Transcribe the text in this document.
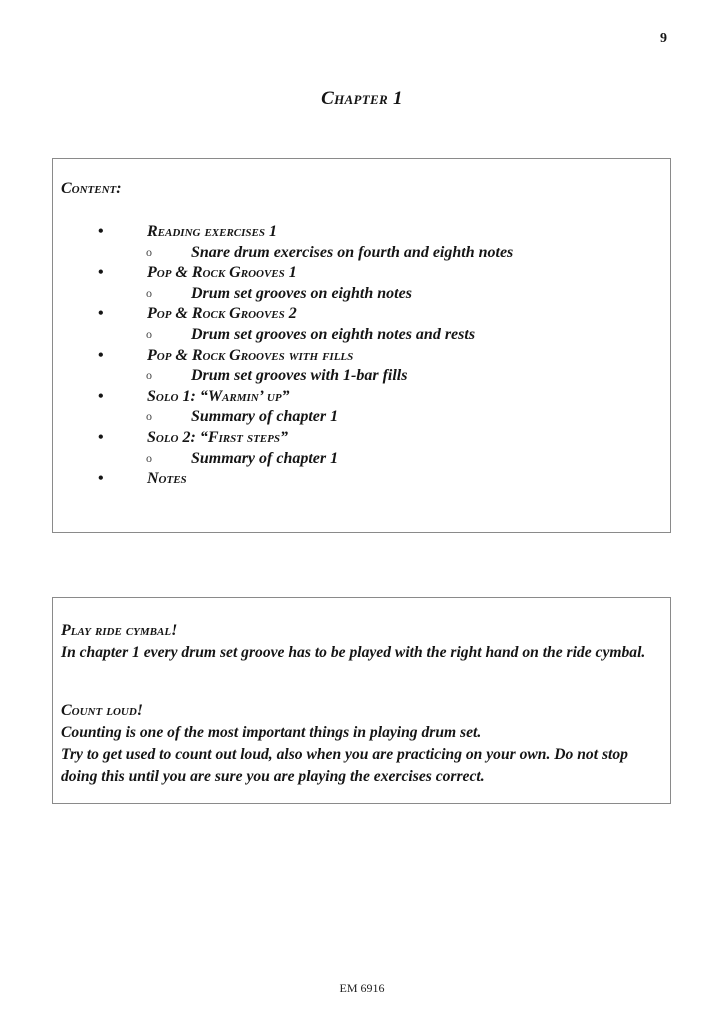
9
Chapter 1
Content:
•	Reading exercises 1
o Snare drum exercises on fourth and eighth notes
•	Pop & Rock Grooves 1
o Drum set grooves on eighth notes
•	Pop & Rock Grooves 2
o Drum set grooves on eighth notes and rests
•	Pop & Rock Grooves with fills
o Drum set grooves with 1-bar fills
•	Solo 1: “Warmin’ up”
o Summary of chapter 1
•	Solo 2: “First steps”
o Summary of chapter 1
•	Notes
Play ride cymbal!
In chapter 1 every drum set groove has to be played with the right hand on the ride cymbal.
Count loud!
Counting is one of the most important things in playing drum set.
Try to get used to count out loud, also when you are practicing on your own. Do not stop doing this until you are sure you are playing the exercises correct.
EM 6916
